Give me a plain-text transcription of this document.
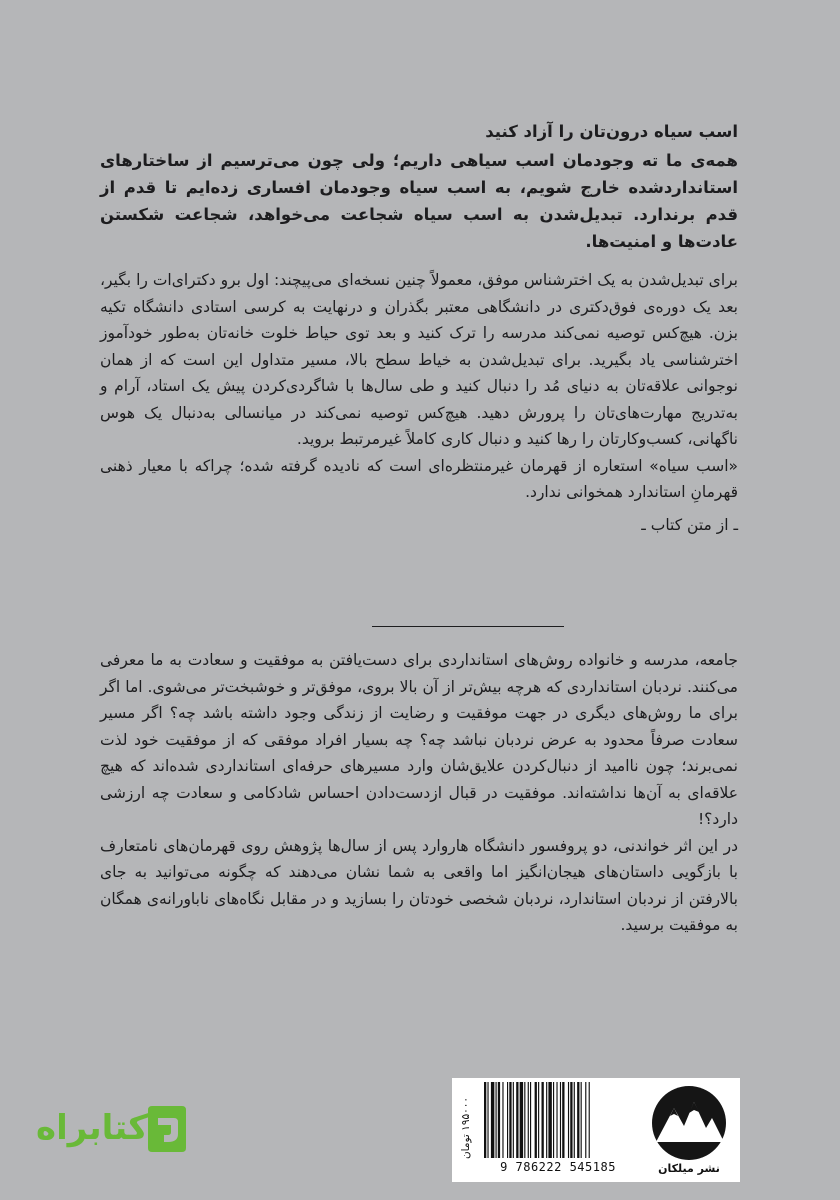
اسب سیاه درون‌تان را آزاد کنید

همه‌ی ما ته وجودمان اسب سیاهی داریم؛ ولی چون می‌ترسیم از ساختارهای استانداردشده خارج شویم، به اسب سیاه وجودمان افساری زده‌ایم تا قدم از قدم برندارد. تبدیل‌شدن به اسب سیاه شجاعت می‌خواهد، شجاعت شکستن عادت‌ها و امنیت‌ها.

برای تبدیل‌شدن به یک اخترشناس موفق، معمولاً چنین نسخه‌ای می‌پیچند: اول برو دکترای‌ات را بگیر، بعد یک دوره‌ی فوق‌دکتری در دانشگاهی معتبر بگذران و درنهایت به کرسی استادی دانشگاه تکیه بزن. هیچ‌کس توصیه نمی‌کند مدرسه را ترک کنید و بعد توی حیاط خلوت خانه‌تان به‌طور خودآموز اخترشناسی یاد بگیرید. برای تبدیل‌شدن به خیاط سطح بالا، مسیر متداول این است که از همان نوجوانی علاقه‌تان به دنیای مُد را دنبال کنید و طی سال‌ها با شاگردی‌کردن پیش یک استاد، آرام و به‌تدریج مهارت‌های‌تان را پرورش دهید. هیچ‌کس توصیه نمی‌کند در میانسالی به‌دنبال یک هوس ناگهانی، کسب‌وکارتان را رها کنید و دنبال کاری کاملاً غیرمرتبط بروید.

«اسب سیاه» استعاره از قهرمان غیرمنتظره‌ای است که نادیده گرفته شده؛ چراکه با معیار ذهنی قهرمانِ استاندارد همخوانی ندارد.

ـ از متن کتاب ـ

جامعه، مدرسه و خانواده روش‌های استانداردی برای دست‌یافتن به موفقیت و سعادت به ما معرفی می‌کنند. نردبان استانداردی که هرچه بیش‌تر از آن بالا بروی، موفق‌تر و خوشبخت‌تر می‌شوی. اما اگر برای ما روش‌های دیگری در جهت موفقیت و رضایت از زندگی وجود داشته باشد چه؟ اگر مسیر سعادت صرفاً محدود به عرض نردبان نباشد چه؟ چه بسیار افراد موفقی که از موفقیت خود لذت نمی‌برند؛ چون ناامید از دنبال‌کردن علایق‌شان وارد مسیرهای حرفه‌ای استانداردی شده‌اند که هیچ علاقه‌ای به آن‌ها نداشته‌اند. موفقیت در قبال ازدست‌دادن احساس شادکامی و سعادت چه ارزشی دارد؟!

در این اثر خواندنی، دو پروفسور دانشگاه هاروارد پس از سال‌ها پژوهش روی قهرمان‌های نامتعارف با بازگویی داستان‌های هیجان‌انگیز اما واقعی به شما نشان می‌دهند که چگونه می‌توانید به جای بالارفتن از نردبان استاندارد، نردبان شخصی خودتان را بسازید و در مقابل نگاه‌های ناباورانه‌ی همگان به موفقیت برسید.

کتابراه	۱۹۵۰۰۰ تومان
9 786222 545185	نشر میلکان
